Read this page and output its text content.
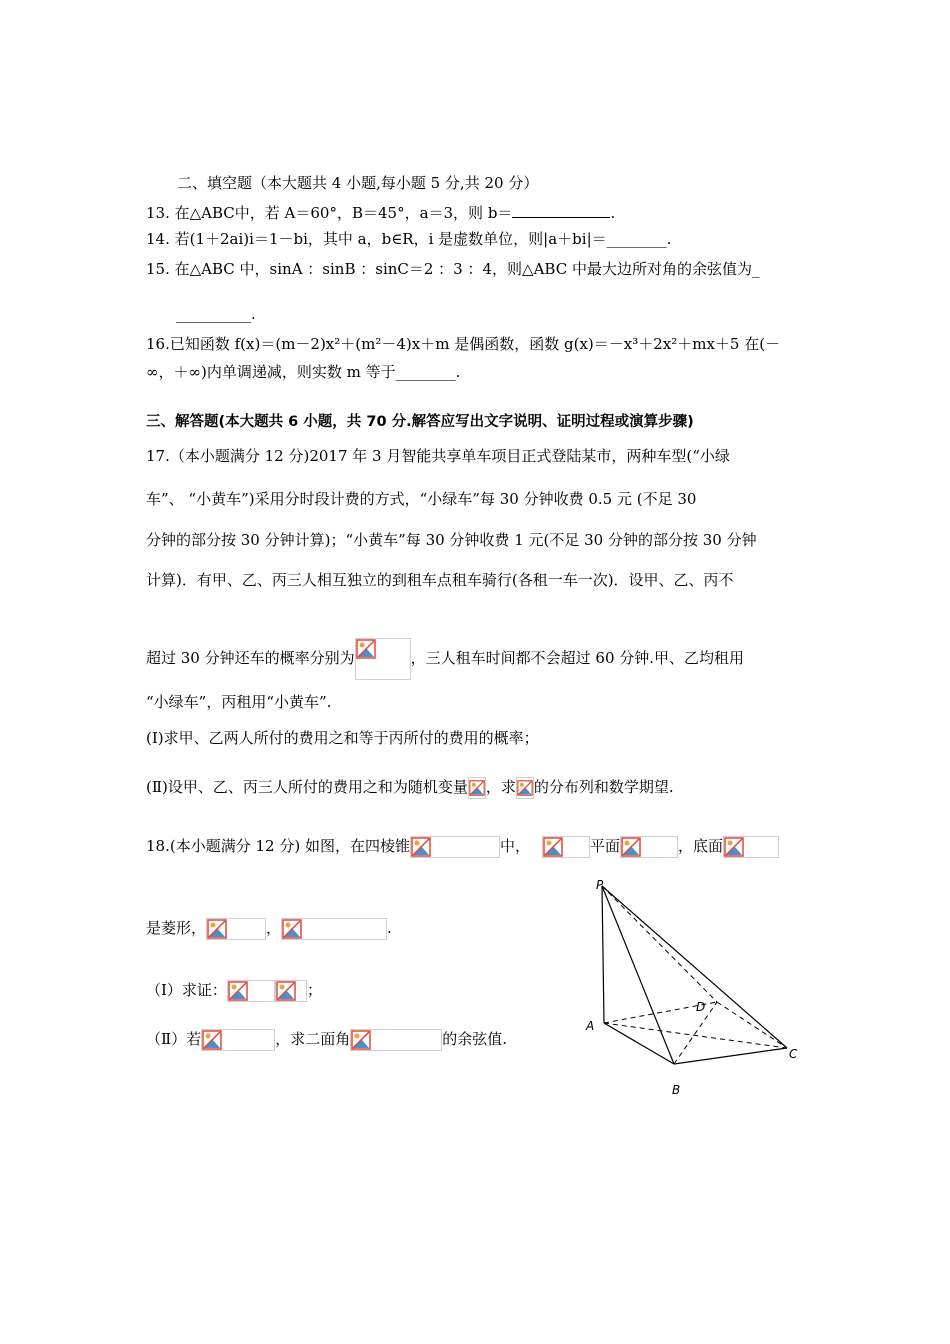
二、填空题（本大题共 4 小题,每小题 5 分,共 20 分）
13. 在△ABC中，若 A＝60°，B＝45°，a＝3，则 b＝	.
14. 若(1＋2ai)i＝1－bi，其中 a，b∈R，i 是虚数单位，则|a＋bi|＝________.
15. 在△ABC 中，sinA ：sinB ：sinC＝2 ：3 ：4，则△ABC 中最大边所对角的余弦值为_
__________.
16.已知函数 f(x)＝(m－2)x²＋(m²－4)x＋m 是偶函数，函数 g(x)＝－x³＋2x²＋mx＋5 在(－
∞，＋∞)内单调递减，则实数 m 等于________.
三、解答题(本大题共 6 小题，共 70 分.解答应写出文字说明、证明过程或演算步骤)
17.（本小题满分 12 分)2017 年 3 月智能共享单车项目正式登陆某市，两种车型(“小绿
车”、 “小黄车”)采用分时段计费的方式，“小绿车”每 30 分钟收费 0.5 元 (不足 30
分钟的部分按 30 分钟计算)；“小黄车”每 30 分钟收费 1 元(不足 30 分钟的部分按 30 分钟
计算)．有甲、乙、丙三人相互独立的到租车点租车骑行(各租一车一次)．设甲、乙、丙不
超过 30 分钟还车的概率分别为	，三人租车时间都不会超过 60 分钟.甲、乙均租用
“小绿车”，丙租用“小黄车”.
(I)求甲、乙两人所付的费用之和等于丙所付的费用的概率；
(Ⅱ)设甲、乙、丙三人所付的费用之和为随机变量 ，求 的分布列和数学期望.
18.(本小题满分 12 分) 如图，在四棱锥	中，	平面	，底面
是菱形，	，	.
（Ⅰ）求证：	；
（Ⅱ）若	，求二面角	的余弦值.
P
A
B
C
D
